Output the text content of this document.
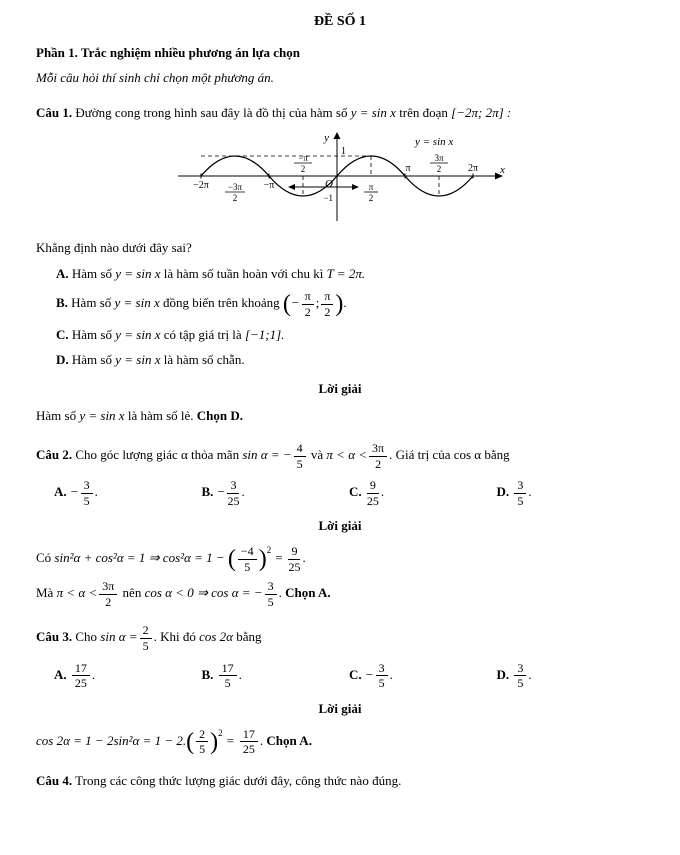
ĐỀ SỐ 1
Phần 1. Trắc nghiệm nhiều phương án lựa chọn
Mỗi câu hỏi thí sinh chỉ chọn một phương án.

Câu 1. Đường cong trong hình sau đây là đồ thị của hàm số y = sin x trên đoạn [−2π; 2π] :

y
1
y = sin x
x
O
−1
−2π	−π
π	2π
−3π
2
−π
2
π
2
3π
2

Khẳng định nào dưới đây sai?

A. Hàm số y = sin x là hàm số tuần hoàn với chu kì T = 2π.

B. Hàm số y = sin x đồng biến trên khoảng (− $\frac{\pi}{2}$ ; $\frac{\pi}{2}$ ).

C. Hàm số y = sin x có tập giá trị là [−1;1].

D. Hàm số y = sin x là hàm số chẵn.

Lời giải

Hàm số y = sin x là hàm số lẻ. Chọn D.

Câu 2. Cho góc lượng giác α thỏa mãn sin α = − $\frac{4}{5}$ và $\pi < \alpha < \frac{3\pi}{2}$ . Giá trị của cos α bằng

A. − $\frac{3}{5}$ .	B. − $\frac{3}{25}$ .	C. $\frac{9}{25}$ .	D. $\frac{3}{5}$ .

Lời giải

Có sin²α + cos²α = 1 ⇒ cos²α = 1 − ( $\frac{-4}{5} )^2 = \frac{9}{25}$ .

Mà $\pi < \alpha < \frac{3\pi}{2}$ nên cos α < 0 ⇒ cos α = − $\frac{3}{5}$ . Chọn A.

Câu 3. Cho $\sin \alpha = \frac{2}{5}$ . Khi đó cos 2α bằng

A. $\frac{17}{25}$ .	B. $\frac{17}{5}$ .	C. − $\frac{3}{5}$ .	D. $\frac{3}{5}$ .

Lời giải

$\cos 2\alpha = 1 - 2\sin^2\alpha = 1 - 2.( \frac{2}{5} )^2 = \frac{17}{25}$ . Chọn A.

Câu 4. Trong các công thức lượng giác dưới đây, công thức nào đúng.
